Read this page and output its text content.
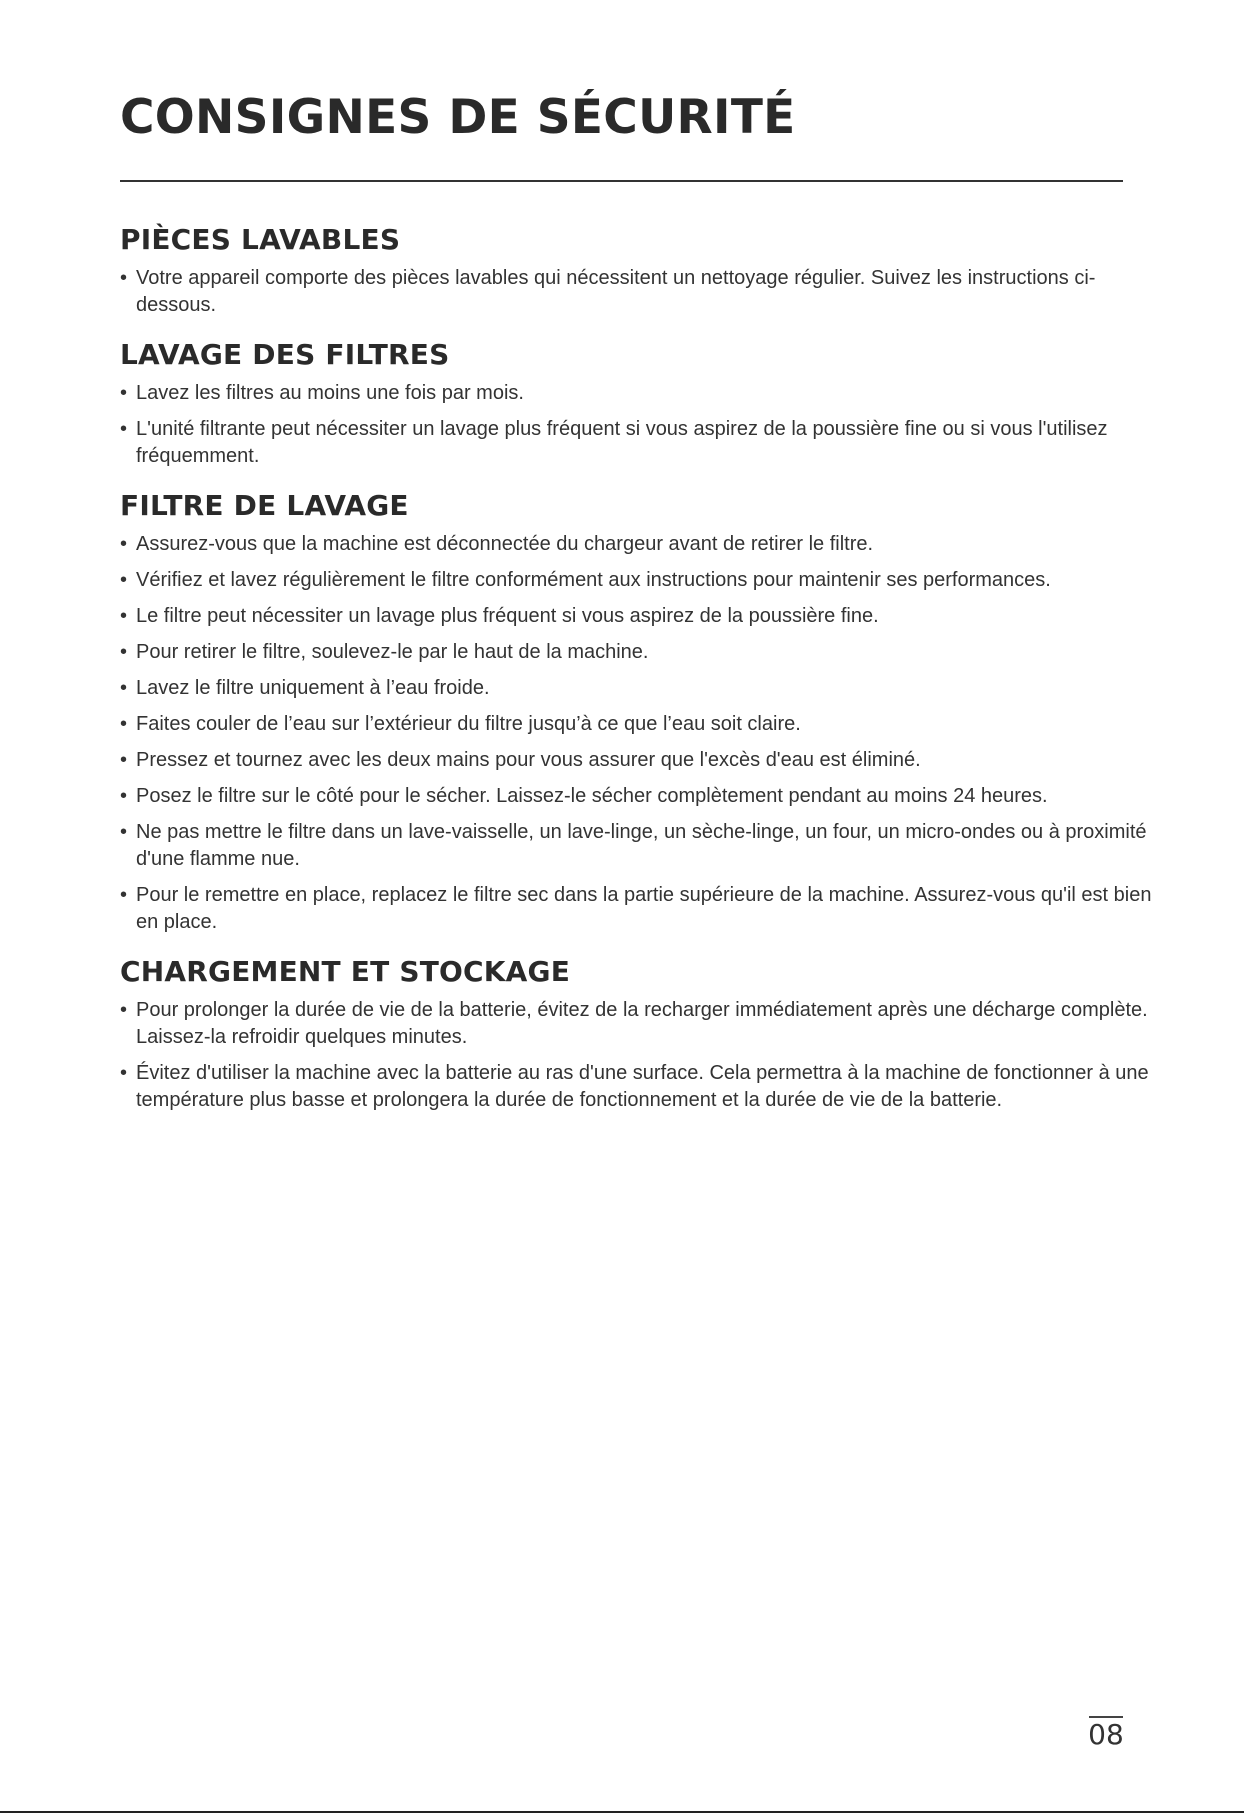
CONSIGNES DE SÉCURITÉ
PIÈCES LAVABLES
• Votre appareil comporte des pièces lavables qui nécessitent un nettoyage régulier. Suivez les instructions ci-dessous.
LAVAGE DES FILTRES
• Lavez les filtres au moins une fois par mois.
• L'unité filtrante peut nécessiter un lavage plus fréquent si vous aspirez de la poussière fine ou si vous l'utilisez fréquemment.
FILTRE DE LAVAGE
• Assurez-vous que la machine est déconnectée du chargeur avant de retirer le filtre.
• Vérifiez et lavez régulièrement le filtre conformément aux instructions pour maintenir ses performances.
• Le filtre peut nécessiter un lavage plus fréquent si vous aspirez de la poussière fine.
• Pour retirer le filtre, soulevez-le par le haut de la machine.
• Lavez le filtre uniquement à l’eau froide.
• Faites couler de l’eau sur l’extérieur du filtre jusqu’à ce que l’eau soit claire.
• Pressez et tournez avec les deux mains pour vous assurer que l'excès d'eau est éliminé.
• Posez le filtre sur le côté pour le sécher. Laissez-le sécher complètement pendant au moins 24 heures.
• Ne pas mettre le filtre dans un lave-vaisselle, un lave-linge, un sèche-linge, un four, un micro-ondes ou à proximité d'une flamme nue.
• Pour le remettre en place, replacez le filtre sec dans la partie supérieure de la machine. Assurez-vous qu'il est bien en place.
CHARGEMENT ET STOCKAGE
• Pour prolonger la durée de vie de la batterie, évitez de la recharger immédiatement après une décharge complète. Laissez-la refroidir quelques minutes.
• Évitez d'utiliser la machine avec la batterie au ras d'une surface. Cela permettra à la machine de fonctionner à une température plus basse et prolongera la durée de fonctionnement et la durée de vie de la batterie.
08
